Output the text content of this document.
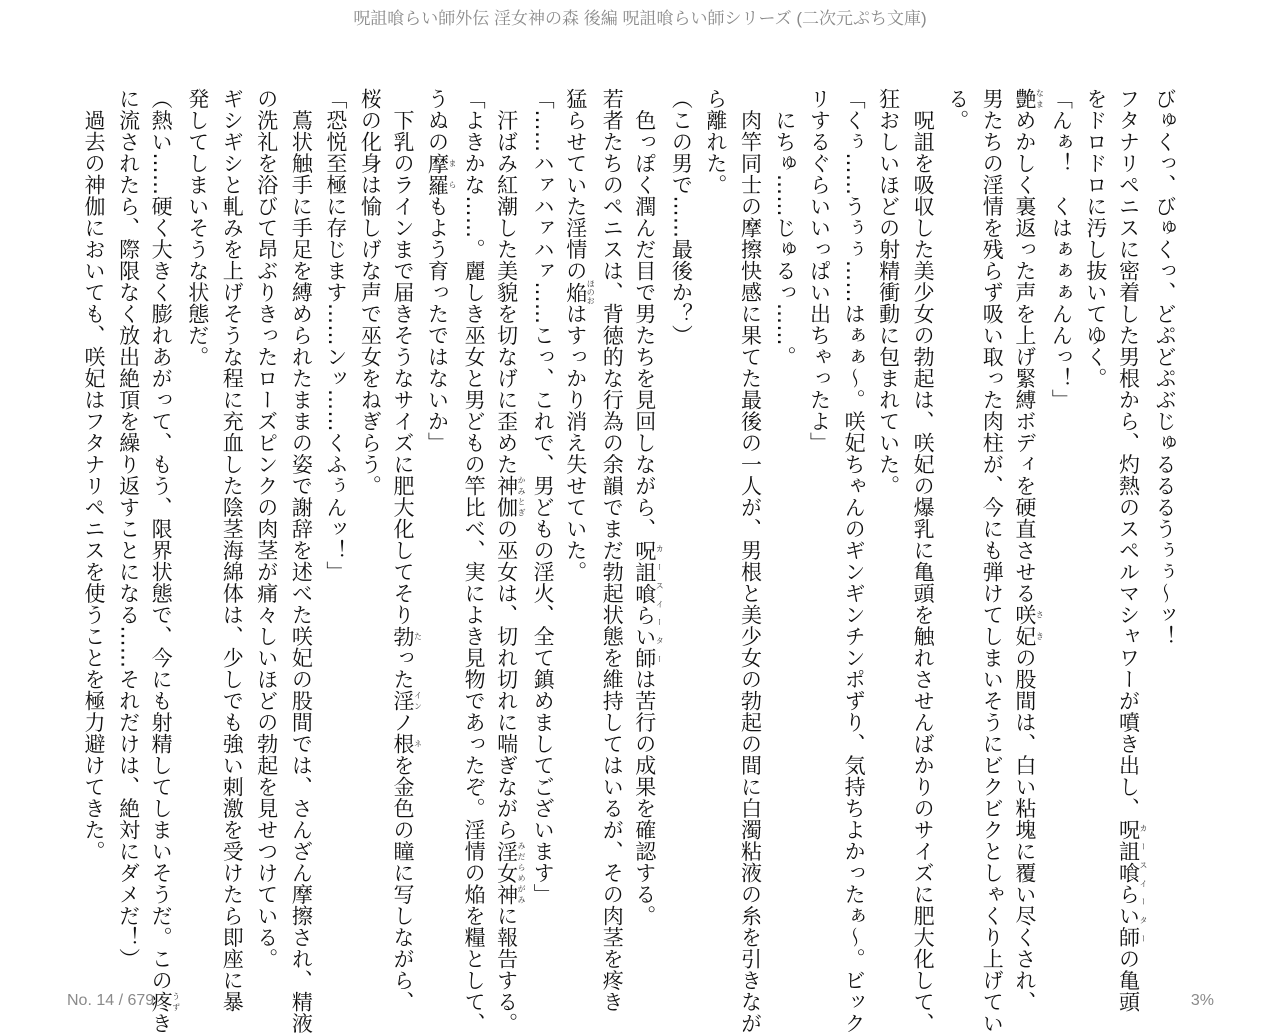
呪詛喰らい師外伝 淫女神の森 後編 呪詛喰らい師シリーズ (二次元ぷち文庫)
びゅくっ、びゅくっ、どぷどぷぶじゅるるるうぅぅ～ッ！
フタナリペニスに密着した男根から、灼熱のスペルマシャワーが噴き出し、呪詛喰らい師カースイーターの亀頭
をドロドロに汚し抜いてゆく。
「んぁ！　くはぁぁぁんんっ！」
艶なまめかしく裏返った声を上げ緊縛ボディを硬直させる咲妃さきの股間は、白い粘塊に覆い尽くされ、
男たちの淫情を残らず吸い取った肉柱が、今にも弾けてしまいそうにビクビクとしゃくり上げてい
る。
　呪詛を吸収した美少女の勃起は、咲妃の爆乳に亀頭を触れさせんばかりのサイズに肥大化して、
狂おしいほどの射精衝動に包まれていた。
「くぅ……うぅぅ……はぁぁ～。咲妃ちゃんのギンギンチンポずり、気持ちよかったぁ～。ビック
リするぐらいいっぱい出ちゃったよ」
　にちゅ……じゅるっ……。
　肉竿同士の摩擦快感に果てた最後の一人が、男根と美少女の勃起の間に白濁粘液の糸を引きなが
ら離れた。
（この男で……最後か？）
　色っぽく潤んだ目で男たちを見回しながら、呪詛喰らい師カースイーターは苦行の成果を確認する。
若者たちのペニスは、背徳的な行為の余韻でまだ勃起状態を維持してはいるが、その肉茎を疼き
猛らせていた淫情の焔ほのおはすっかり消え失せていた。
「……ハァハァハァ……こっ、これで、男どもの淫火、全て鎮めましてございます」
　汗ばみ紅潮した美貌を切なげに歪めた神伽かみとぎの巫女は、切れ切れに喘ぎながら淫女神みだらめがみに報告する。
「よきかな……。麗しき巫女と男どもの竿比べ、実によき見物であったぞ。淫情の焔を糧として、
うぬの摩羅まらもよう育ったではないか」
　下乳のラインまで届きそうなサイズに肥大化してそり勃たった淫インノ根ネを金色の瞳に写しながら、
桜の化身は愉しげな声で巫女をねぎらう。
「恐悦至極に存じます……ンッ……くふぅんッ！」
　蔦状触手に手足を縛められたままの姿で謝辞を述べた咲妃の股間では、さんざん摩擦され、精液
の洗礼を浴びて昂ぶりきったローズピンクの肉茎が痛々しいほどの勃起を見せつけている。
ギシギシと軋みを上げそうな程に充血した陰茎海綿体は、少しでも強い刺激を受けたら即座に暴
発してしまいそうな状態だ。
（熱い……硬く大きく膨れあがって、もう、限界状態で、今にも射精してしまいそうだ。この疼うずき
に流されたら、際限なく放出絶頂を繰り返すことになる……それだけは、絶対にダメだ！）
　過去の神伽においても、咲妃はフタナリペニスを使うことを極力避けてきた。
No. 14 / 679	3%
